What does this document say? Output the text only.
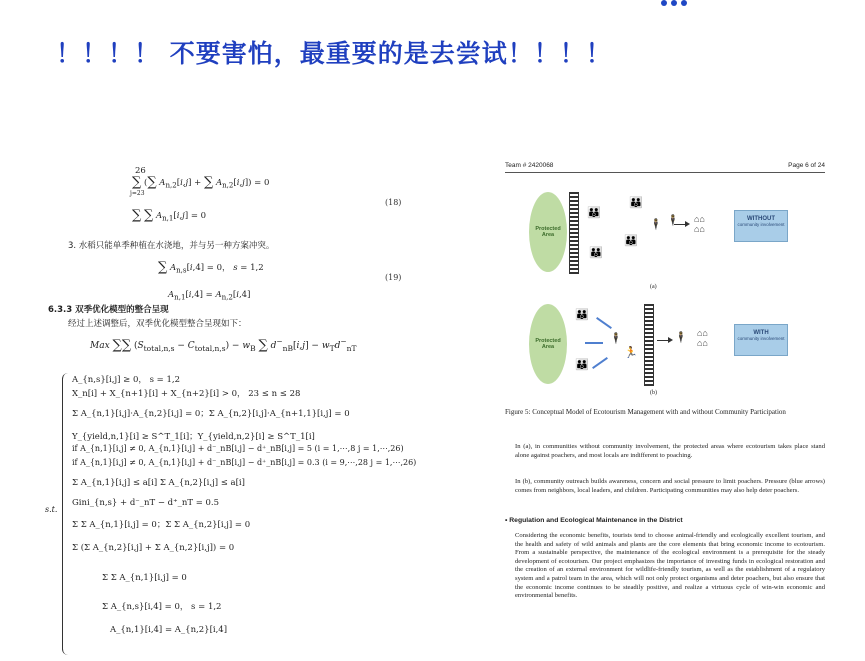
！！！！ 不要害怕，最重要的是去尝试！！！！
26
j=23
∑ (∑ $A_{n,2}[i,j]$ + ∑ $A_{n,2}[i,j]) = 0$
∑ ∑ $A_{n,1}[i,j] = 0$
(18)
3. 水稻只能单季种植在水浇地，并与另一种方案冲突。
∑ $A_{n,s}[i,4] = 0$， s = 1,2
$A_{n,1}[i,4] = A_{n,2}[i,4]$
(19)
6.3.3 双季优化模型的整合呈现
经过上述调整后，双季优化模型整合呈现如下：
Max ∑∑ $(S_{total,n,s} - C_{total,n,s}) - w_B$ ∑ $d^-_{nB}[i,j] - w_Td^-_{nT}$
s.t.
A_{n,s}[i,j] ≥ 0， s = 1,2
X_n[i] + X_{n+1}[i] + X_{n+2}[i] > 0， 23 ≤ n ≤ 28
Σ A_{n,1}[i,j]·A_{n,2}[i,j] = 0；Σ A_{n,2}[i,j]·A_{n+1,1}[i,j] = 0
Y_{yield,n,1}[i] ≥ S^T_1[i]；Y_{yield,n,2}[i] ≥ S^T_1[i]
if A_{n,1}[i,j] ≠ 0, A_{n,1}[i,j] + d⁻_nB[i,j] − d⁺_nB[i,j] = 5 (i = 1,⋯,8 j = 1,⋯,26)
if A_{n,1}[i,j] ≠ 0, A_{n,1}[i,j] + d⁻_nB[i,j] − d⁺_nB[i,j] = 0.3 (i = 9,⋯,28 j = 1,⋯,26)
Σ A_{n,1}[i,j] ≤ a[i] Σ A_{n,2}[i,j] ≤ a[i]
Gini_{n,s} + d⁻_nT − d⁺_nT = 0.5
Σ Σ A_{n,1}[i,j] = 0；Σ Σ A_{n,2}[i,j] = 0
Σ (Σ A_{n,2}[i,j] + Σ A_{n,2}[i,j]) = 0
Σ Σ A_{n,1}[i,j] = 0
Σ A_{n,s}[i,4] = 0， s = 1,2
A_{n,1}[i,4] = A_{n,2}[i,4]
Team # 2420068	Page 6 of 24
Protected Area
👪
👪
👪
👪
🕴 🕴 ⌂⌂
⌂⌂
WITHOUT
community involvement
(a)
Protected Area
👪
👪
🕴
🏃
🕴 ⌂⌂
⌂⌂
WITH
community involvement
(b)
Figure 5: Conceptual Model of Ecotourism Management with and without Community Participation
In (a), in communities without community involvement, the protected areas where ecotourism takes place stand alone against poachers, and most locals are indifferent to poaching.
In (b), community outreach builds awareness, concern and social pressure to limit poachers. Pressure (blue arrows) comes from neighbors, local leaders, and children. Participating communities may also help deter poachers.
• Regulation and Ecological Maintenance in the District
Considering the economic benefits, tourists tend to choose animal-friendly and ecologically excellent tourism, and the health and safety of wild animals and plants are the core elements that bring economic income to ecotourism. From a sustainable perspective, the maintenance of the ecological environment is a prerequisite for the steady development of ecotourism. Our project emphasizes the importance of investing funds in ecological restoration and the creation of an external environment for wildlife-friendly tourism, as well as the establishment of a regulatory system and a patrol team in the area, which will not only protect organisms and deter poachers, but also ensure that the economic income continues to be steadily positive, and realize a virtuous cycle of win-win economic and environmental benefits.
